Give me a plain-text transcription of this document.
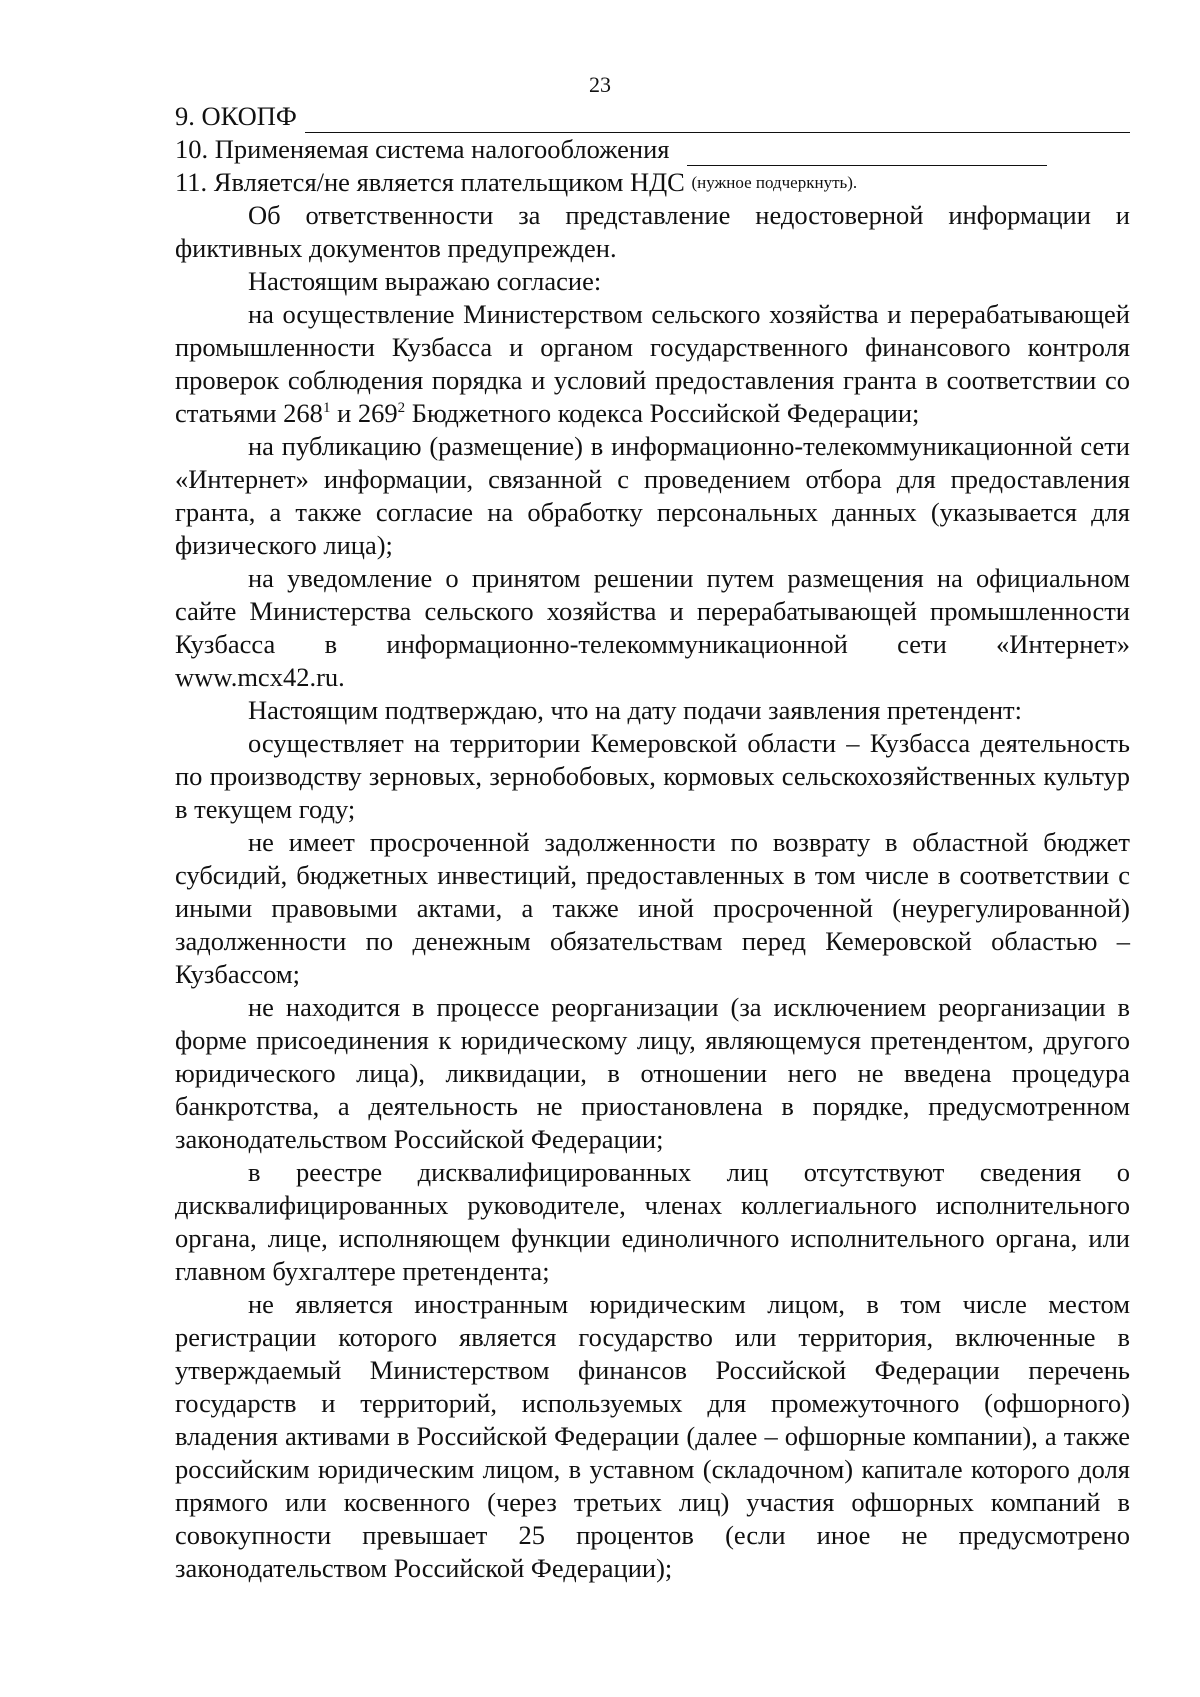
23
9. ОКОПФ
10. Применяемая система налогообложения
11. Является/не является плательщиком НДС
(нужное подчеркнуть).

Об ответственности за представление недостоверной информации и фиктивных документов предупрежден.

Настоящим выражаю согласие:

на осуществление Министерством сельского хозяйства и перерабатывающей промышленности Кузбасса и органом государственного финансового контроля проверок соблюдения порядка и условий предоставления гранта в соответствии со статьями $268^1$ и $269^2$ Бюджетного кодекса Российской Федерации;

на публикацию (размещение) в информационно-телекоммуникационной сети «Интернет» информации, связанной с проведением отбора для предоставления гранта, а также согласие на обработку персональных данных (указывается для физического лица);

на уведомление о принятом решении путем размещения на официальном сайте Министерства сельского хозяйства и перерабатывающей промышленности Кузбасса в информационно-телекоммуникационной сети «Интернет» www.mcx42.ru.

Настоящим подтверждаю, что на дату подачи заявления претендент:

осуществляет на территории Кемеровской области – Кузбасса деятельность по производству зерновых, зернобобовых, кормовых сельскохозяйственных культур в текущем году;

не имеет просроченной задолженности по возврату в областной бюджет субсидий, бюджетных инвестиций, предоставленных в том числе в соответствии с иными правовыми актами, а также иной просроченной (неурегулированной) задолженности по денежным обязательствам перед Кемеровской областью – Кузбассом;

не находится в процессе реорганизации (за исключением реорганизации в форме присоединения к юридическому лицу, являющемуся претендентом, другого юридического лица), ликвидации, в отношении него не введена процедура банкротства, а деятельность не приостановлена в порядке, предусмотренном законодательством Российской Федерации;

в реестре дисквалифицированных лиц отсутствуют сведения о дисквалифицированных руководителе, членах коллегиального исполнительного органа, лице, исполняющем функции единоличного исполнительного органа, или главном бухгалтере претендента;

не является иностранным юридическим лицом, в том числе местом регистрации которого является государство или территория, включенные в утверждаемый Министерством финансов Российской Федерации перечень государств и территорий, используемых для промежуточного (офшорного) владения активами в Российской Федерации (далее – офшорные компании), а также российским юридическим лицом, в уставном (складочном) капитале которого доля прямого или косвенного (через третьих лиц) участия офшорных компаний в совокупности превышает 25 процентов (если иное не предусмотрено законодательством Российской Федерации);
